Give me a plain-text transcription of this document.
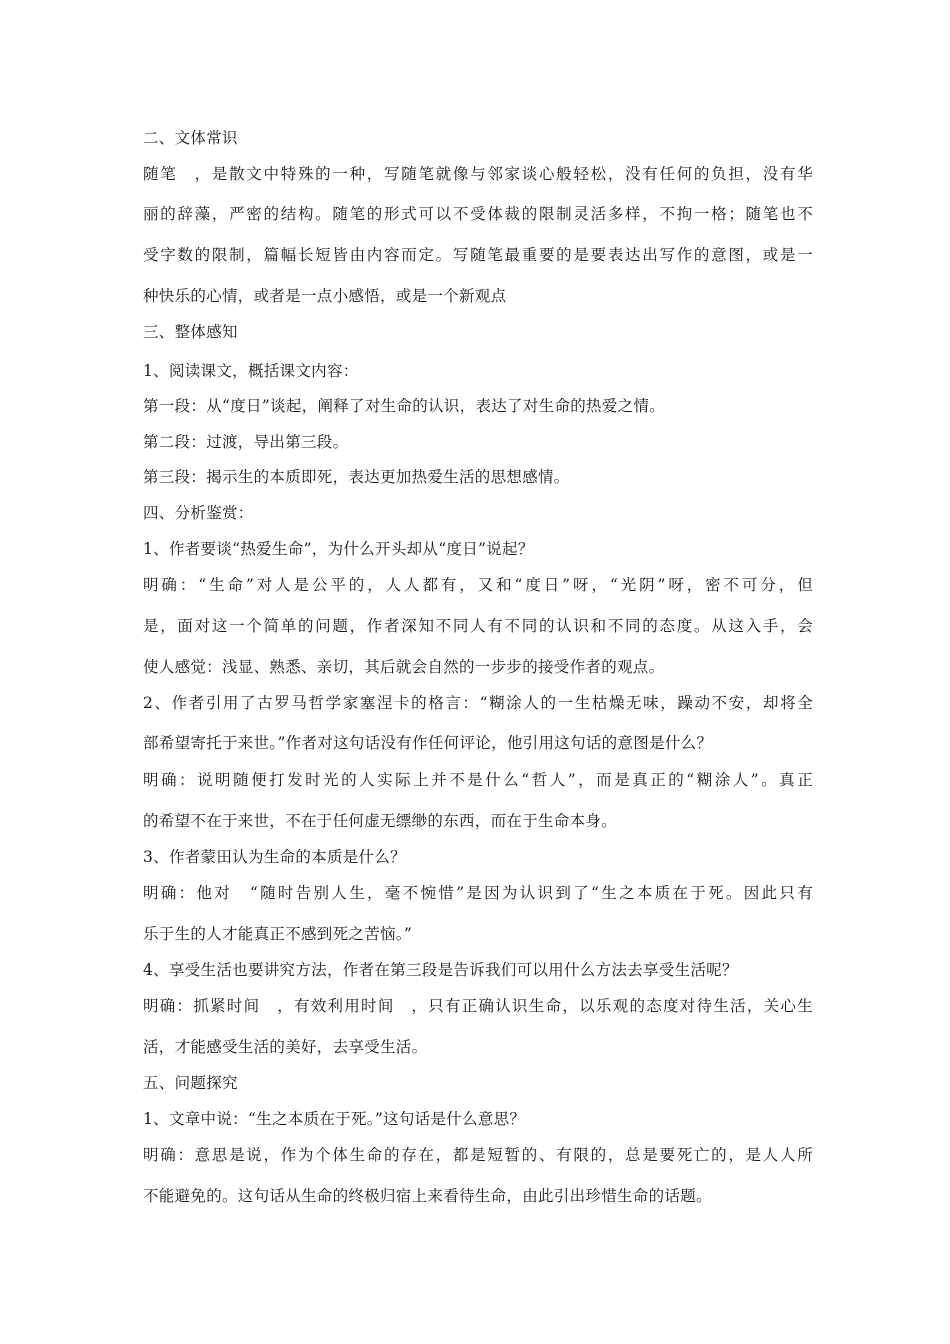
二、文体常识
随笔　，是散文中特殊的一种，写随笔就像与邻家谈心般轻松，没有任何的负担，没有华
丽的辞藻，严密的结构。随笔的形式可以不受体裁的限制灵活多样，不拘一格；随笔也不
受字数的限制，篇幅长短皆由内容而定。写随笔最重要的是要表达出写作的意图，或是一
种快乐的心情，或者是一点小感悟，或是一个新观点
三、整体感知
1、阅读课文，概括课文内容：
第一段：从“度日”谈起，阐释了对生命的认识，表达了对生命的热爱之情。
第二段：过渡，导出第三段。
第三段：揭示生的本质即死，表达更加热爱生活的思想感情。
四、分析鉴赏：
1、作者要谈“热爱生命”，为什么开头却从“度日”说起？
明确：“生命”对人是公平的，人人都有，又和“度日”呀，“光阴”呀，密不可分，但
是，面对这一个简单的问题，作者深知不同人有不同的认识和不同的态度。从这入手，会
使人感觉：浅显、熟悉、亲切，其后就会自然的一步步的接受作者的观点。
2、作者引用了古罗马哲学家塞涅卡的格言：“糊涂人的一生枯燥无味，躁动不安，却将全
部希望寄托于来世。”作者对这句话没有作任何评论，他引用这句话的意图是什么？
明确：说明随便打发时光的人实际上并不是什么“哲人”，而是真正的“糊涂人”。真正
的希望不在于来世，不在于任何虚无缥缈的东西，而在于生命本身。
3、作者蒙田认为生命的本质是什么？
明确：他对　“随时告别人生，毫不惋惜”是因为认识到了“生之本质在于死。因此只有
乐于生的人才能真正不感到死之苦恼。”
4、享受生活也要讲究方法，作者在第三段是告诉我们可以用什么方法去享受生活呢？
明确：抓紧时间　，有效利用时间　，只有正确认识生命，以乐观的态度对待生活，关心生
活，才能感受生活的美好，去享受生活。
五、问题探究
1、文章中说：“生之本质在于死。”这句话是什么意思？
明确：意思是说，作为个体生命的存在，都是短暂的、有限的，总是要死亡的，是人人所
不能避免的。这句话从生命的终极归宿上来看待生命，由此引出珍惜生命的话题。
